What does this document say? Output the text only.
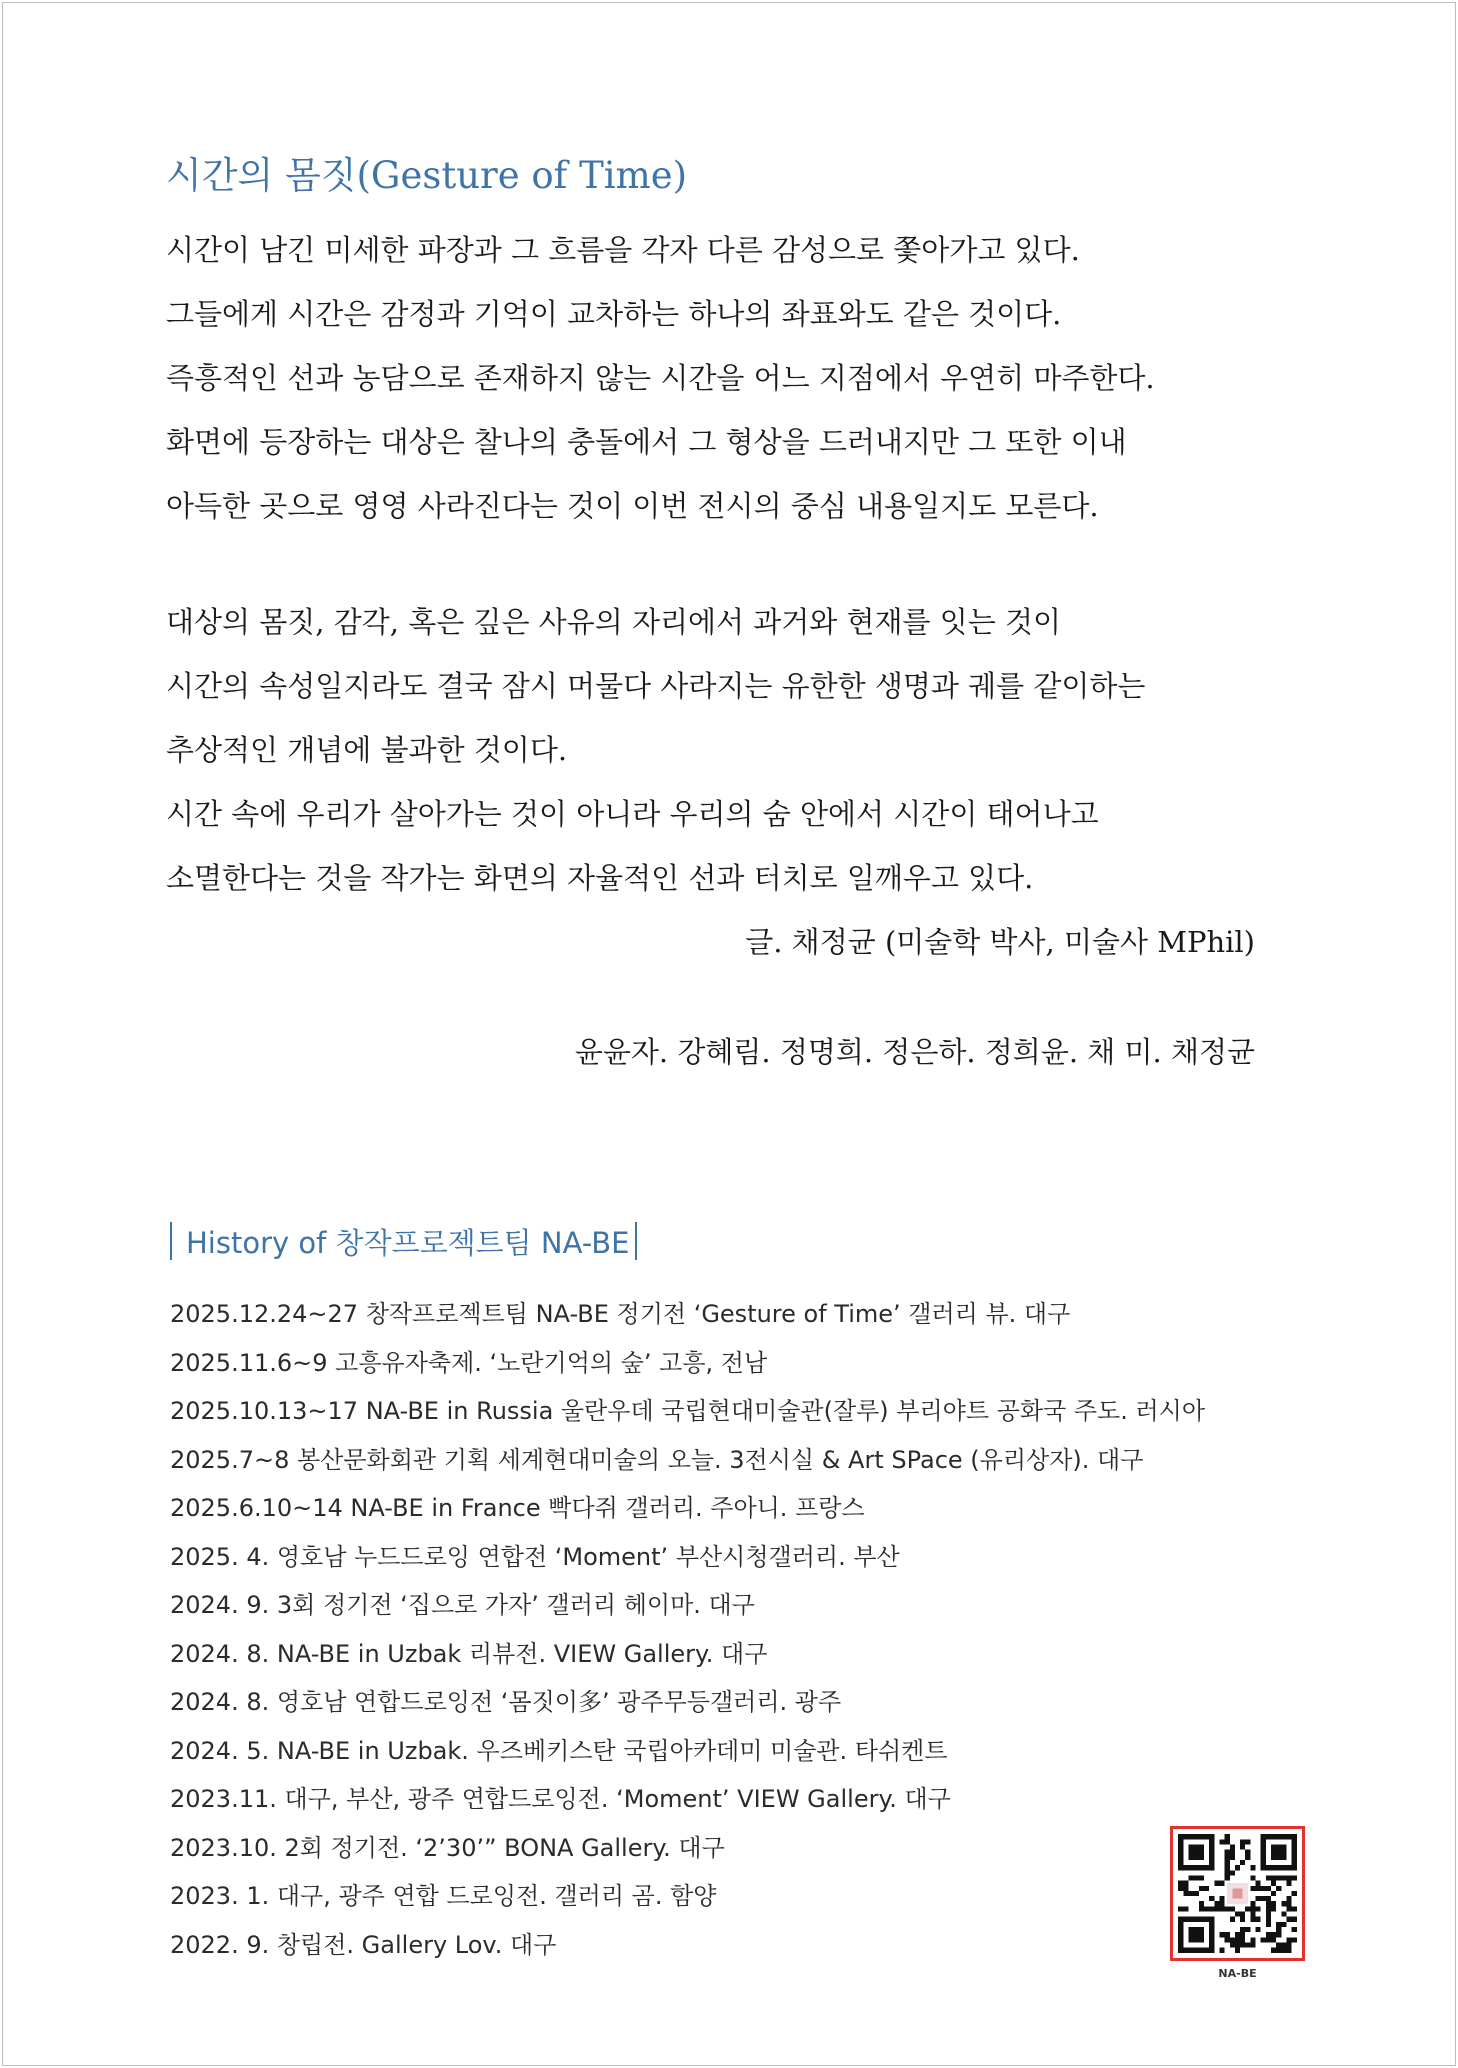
시간의 몸짓(Gesture of Time)
시간이 남긴 미세한 파장과 그 흐름을 각자 다른 감성으로 쫓아가고 있다.
그들에게 시간은 감정과 기억이 교차하는 하나의 좌표와도 같은 것이다.
즉흥적인 선과 농담으로 존재하지 않는 시간을 어느 지점에서 우연히 마주한다.
화면에 등장하는 대상은 찰나의 충돌에서 그 형상을 드러내지만 그 또한 이내
아득한 곳으로 영영 사라진다는 것이 이번 전시의 중심 내용일지도 모른다.
대상의 몸짓, 감각, 혹은 깊은 사유의 자리에서 과거와 현재를 잇는 것이
시간의 속성일지라도 결국 잠시 머물다 사라지는 유한한 생명과 궤를 같이하는
추상적인 개념에 불과한 것이다.
시간 속에 우리가 살아가는 것이 아니라 우리의 숨 안에서 시간이 태어나고
소멸한다는 것을 작가는 화면의 자율적인 선과 터치로 일깨우고 있다.
글. 채정균 (미술학 박사, 미술사 MPhil)
윤윤자. 강혜림. 정명희. 정은하. 정희윤. 채 미. 채정균
History of 창작프로젝트팀 NA-BE
2025.12.24~27 창작프로젝트팀 NA-BE 정기전 ‘Gesture of Time’ 갤러리 뷰. 대구
2025.11.6~9 고흥유자축제. ‘노란기억의 숲’ 고흥, 전남
2025.10.13~17 NA-BE in Russia 울란우데 국립현대미술관(잘루) 부리야트 공화국 주도. 러시아
2025.7~8 봉산문화회관 기획 세계현대미술의 오늘. 3전시실 & Art SPace (유리상자). 대구
2025.6.10~14 NA-BE in France 빡다쥐 갤러리. 주아니. 프랑스
2025. 4. 영호남 누드드로잉 연합전 ‘Moment’ 부산시청갤러리. 부산
2024. 9. 3회 정기전 ‘집으로 가자’ 갤러리 헤이마. 대구
2024. 8. NA-BE in Uzbak 리뷰전. VIEW Gallery. 대구
2024. 8. 영호남 연합드로잉전 ‘몸짓이多’ 광주무등갤러리. 광주
2024. 5. NA-BE in Uzbak. 우즈베키스탄 국립아카데미 미술관. 타쉬켄트
2023.11. 대구, 부산, 광주 연합드로잉전. ‘Moment’ VIEW Gallery. 대구
2023.10. 2회 정기전. ‘2’30’” BONA Gallery. 대구
2023. 1. 대구, 광주 연합 드로잉전. 갤러리 곰. 함양
2022. 9. 창립전. Gallery Lov. 대구
NA-BE
